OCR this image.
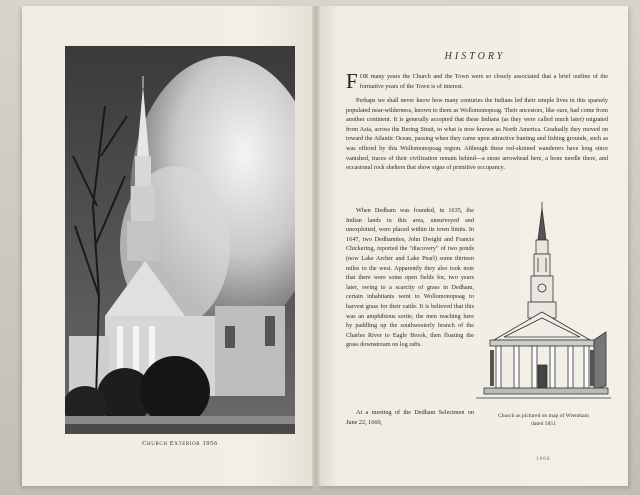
Church Exterior 1956
HISTORY

FOR many years the Church and the Town were so closely associated that a brief outline of the formative years of the Town is of interest.

Perhaps we shall never know how many centuries the Indians led their simple lives in this sparsely populated near-wilderness, known to them as Wollomonopoag. Their ancestors, like ours, had come from another continent. It is generally accepted that these Indians (as they were called much later) migrated from Asia, across the Bering Strait, to what is now known as North America. Gradually they moved on toward the Atlantic Ocean, passing when they came upon attractive hunting and fishing grounds, such as was offered by this Wollomonopoag region. Although these red-skinned wanderers have long since vanished, traces of their civilization remain behind—a stone arrowhead here, a bone needle there, and occasional rock shelters that show signs of primitive occupancy.

When Dedham was founded, in 1635, the Indian lands in this area, unsurveyed and unexploited, were placed within its town limits. In 1647, two Dedhamites, John Dwight and Francis Chickering, reported the "discovery" of two ponds (now Lake Archer and Lake Pearl) some thirteen miles to the west. Apparently they also took note that there were some open fields for, two years later, owing to a scarcity of grass in Dedham, certain inhabitants went to Wollomonopoag to harvest grass for their cattle. It is believed that this was an amphibious sortie, the men reaching here by paddling up the southwesterly branch of the Charles River to Eagle Brook, then floating the grass downstream on log rafts.

At a meeting of the Dedham Selectmen on June 22, 1660,

Church as pictured on map of Wrentham
dated 1851
1660
